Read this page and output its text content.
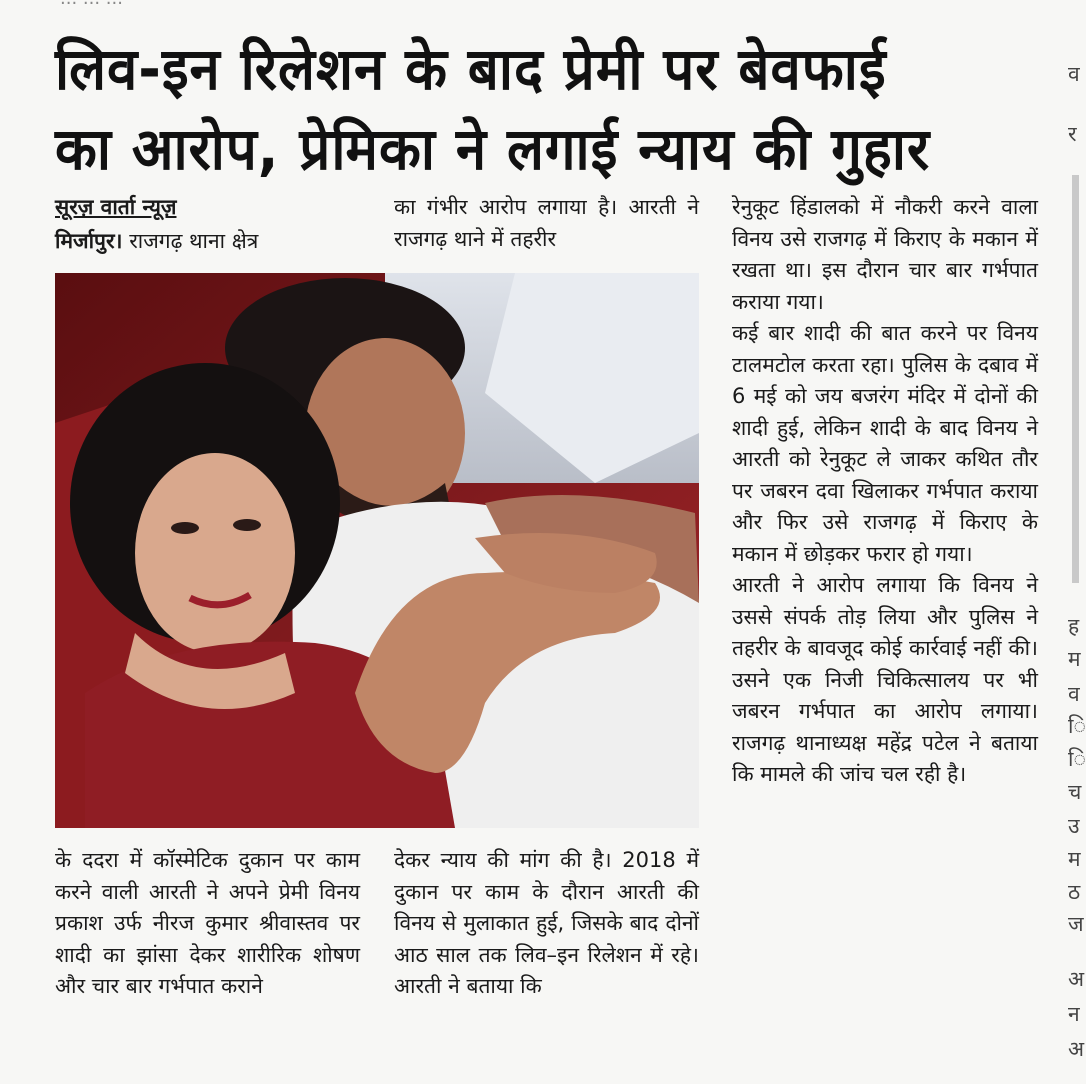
लिव-इन रिलेशन के बाद प्रेमी पर बेवफाई
का आरोप, प्रेमिका ने लगाई न्याय की गुहार
सूरज़ वार्ता न्यूज़

मिर्जापुर। राजगढ़ थाना क्षेत्र

का गंभीर आरोप लगाया है। आरती ने राजगढ़ थाने में तहरीर

के ददरा में कॉस्मेटिक दुकान पर काम करने वाली आरती ने अपने प्रेमी विनय प्रकाश उर्फ नीरज कुमार श्रीवास्तव पर शादी का झांसा देकर शारीरिक शोषण और चार बार गर्भपात कराने

देकर न्याय की मांग की है। 2018 में दुकान पर काम के दौरान आरती की विनय से मुलाकात हुई, जिसके बाद दोनों आठ साल तक लिव–इन रिलेशन में रहे। आरती ने बताया कि

रेनुकूट हिंडालको में नौकरी करने वाला विनय उसे राजगढ़ में किराए के मकान में रखता था। इस दौरान चार बार गर्भपात कराया गया।

कई बार शादी की बात करने पर विनय टालमटोल करता रहा। पुलिस के दबाव में 6 मई को जय बजरंग मंदिर में दोनों की शादी हुई, लेकिन शादी के बाद विनय ने आरती को रेनुकूट ले जाकर कथित तौर पर जबरन दवा खिलाकर गर्भपात कराया और फिर उसे राजगढ़ में किराए के मकान में छोड़कर फरार हो गया।

आरती ने आरोप लगाया कि विनय ने उससे संपर्क तोड़ लिया और पुलिस ने तहरीर के बावजूद कोई कार्रवाई नहीं की। उसने एक निजी चिकित्सालय पर भी जबरन गर्भपात का आरोप लगाया। राजगढ़ थानाध्यक्ष महेंद्र पटेल ने बताया कि मामले की जांच चल रही है।

व
र
ह
म
व
ि
ि
च
उ
म
ठ
ज
अ
न
अ
